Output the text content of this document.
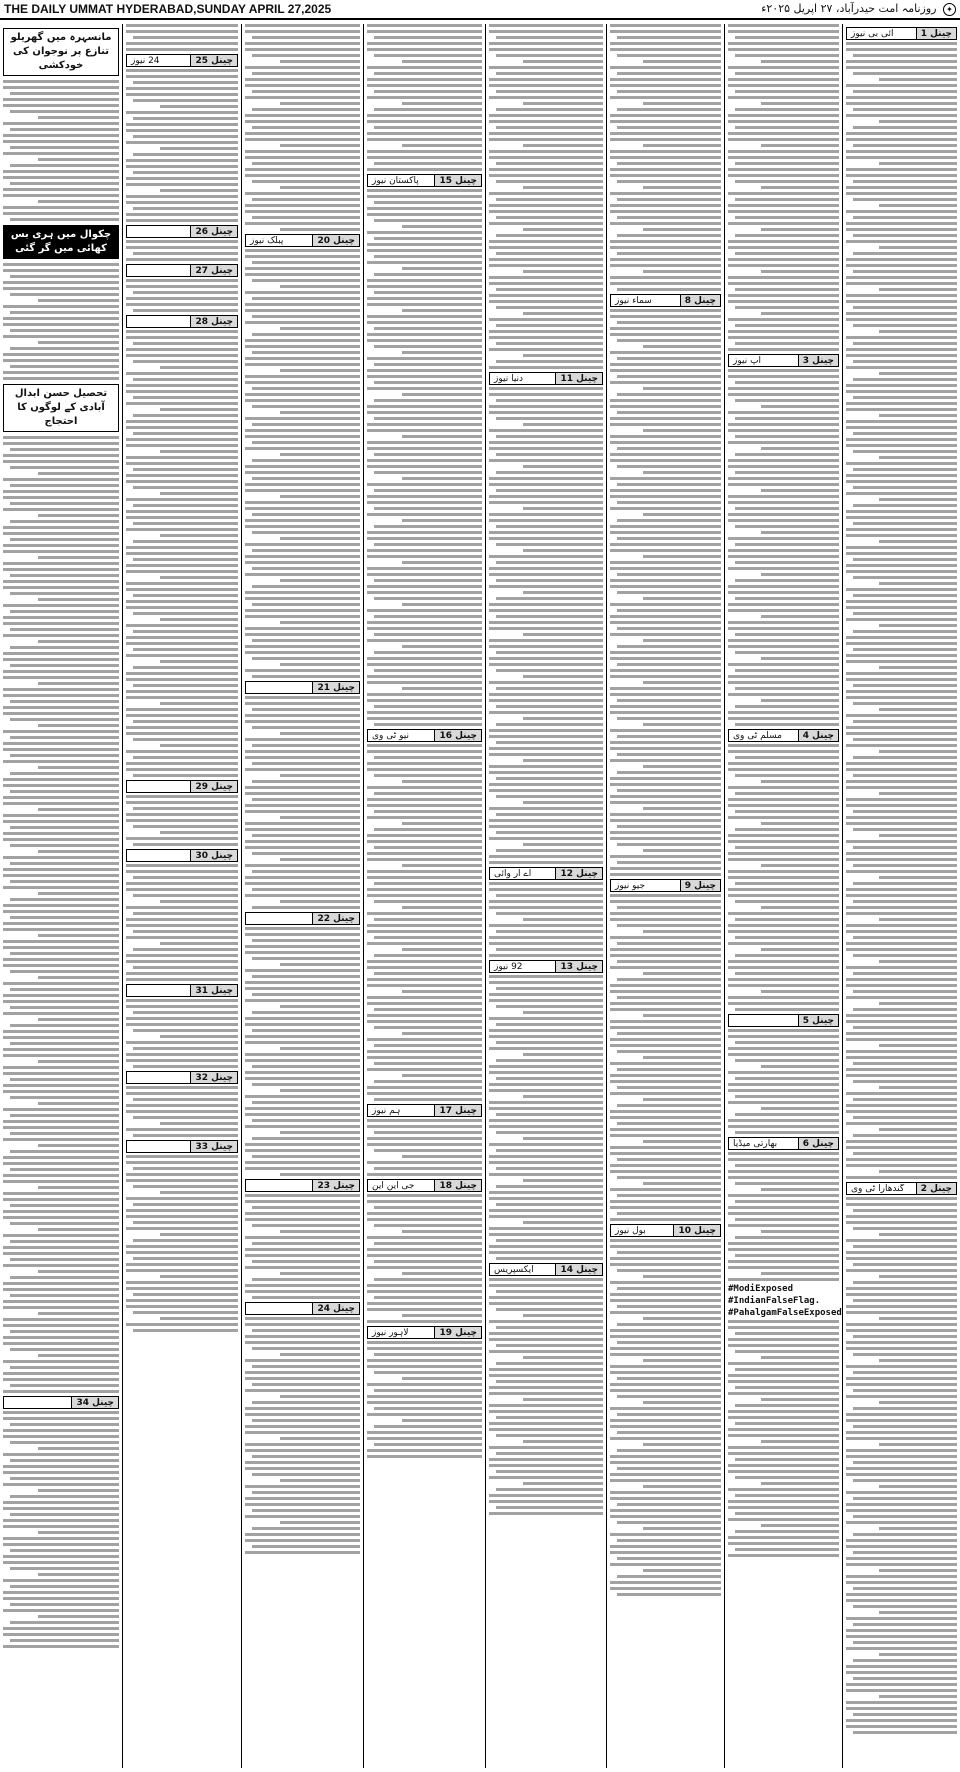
THE DAILY UMMAT HYDERABAD,SUNDAY APRIL 27,2025	✦ روزنامہ امت حیدرآباد، ۲۷ اپریل ۲۰۲۵ء
چینل 1
آئی بی نیوز
چینل 2
گندھارا ٹی وی
چینل 3
آپ نیوز
چینل 4
مسلم ٹی وی
چینل 5
چینل 6
بھارتی میڈیا
#ModiExposed
#IndianFalseFlag.
#PahalgamFalseExposed
چینل 8
سماء نیوز
چینل 9
جیو نیوز
چینل 10
بول نیوز
چینل 11
دنیا نیوز
چینل 12
اے آر وائی
چینل 13
92 نیوز
چینل 14
ایکسپریس
چینل 15
پاکستان نیوز
چینل 16
نیو ٹی وی
چینل 17
ہم نیوز
چینل 18
جی این این
چینل 19
لاہور نیوز
چینل 20
پبلک نیوز
چینل 21
چینل 22
چینل 23
چینل 24
چینل 25
24 نیوز
چینل 26
چینل 27
چینل 28
چینل 29
چینل 30
چینل 31
چینل 32
چینل 33
مانسہرہ میں گھریلو تنازع پر نوجوان کی خودکشی
چکوال میں ہری بس کھائی میں گر گئی
تحصیل حسن ابدال آبادی کے لوگوں کا احتجاج
چینل 34
